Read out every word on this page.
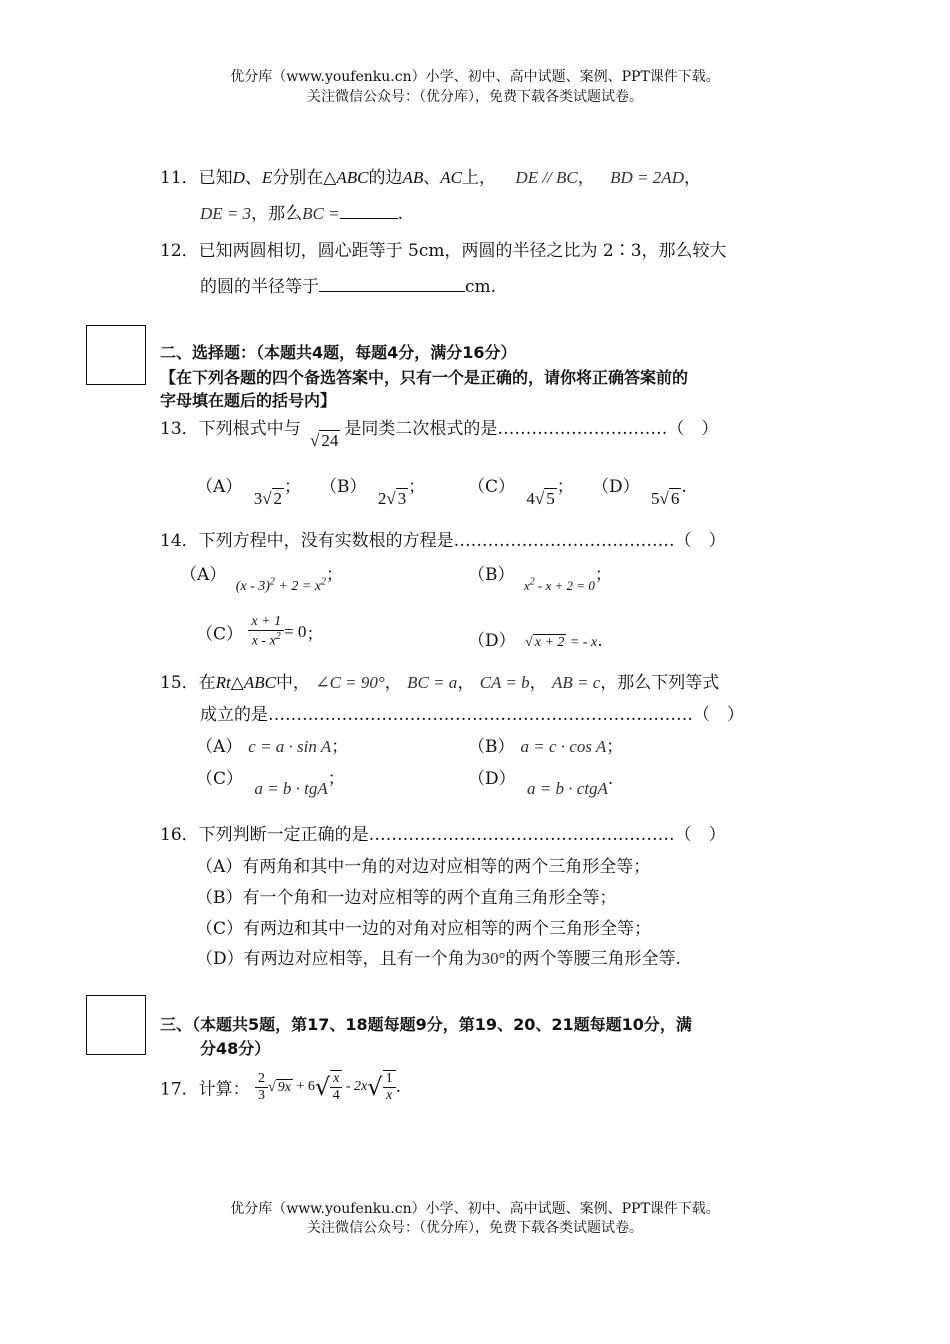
优分库（www.youfenku.cn）小学、初中、高中试题、案例、PPT课件下载。
关注微信公众号：（优分库），免费下载各类试题试卷。
11．已知D、E分别在△ABC的边AB、AC上， DE // BC， BD = 2AD，
DE = 3，那么BC =	.
12．已知两圆相切，圆心距等于 5cm，两圆的半径之比为 2∶3，那么较大
的圆的半径等于	cm.
二、选择题：（本题共4题，每题4分，满分16分）
【在下列各题的四个备选答案中，只有一个是正确的，请你将正确答案前的
字母填在题后的括号内】
13．下列根式中与 √ 24是同类二次根式的是…………………………（　）
（A） 3√ 2； （B） 2√ 3；	（C） 4√ 5； （D） 5√ 6.
14．下列方程中，没有实数根的方程是…………………………………（　）
（A） $_{(x - 3)^2 + 2 = x^2}$；	（B） $_{x^2 - x + 2 = 0}$；
$(C) \frac{x + 1}{x - x^2} = 0$；	（D） √ x + 2 = - x.
15．在Rt△ABC中， ∠C = 90°， BC = a， CA = b， AB = c，那么下列等式
成立的是…………………………………………………………………（　）
（A） c = a · sin A；	（B） a = c · cos A；
（C） a = b · tgA；	（D） a = b · ctgA.
16．下列判断一定正确的是………………………………………………（　）
（A）有两角和其中一角的对边对应相等的两个三角形全等；
（B）有一个角和一边对应相等的两个直角三角形全等；
（C）有两边和其中一边的对角对应相等的两个三角形全等；
（D）有两边对应相等，且有一个角为30°的两个等腰三角形全等.
三、（本题共5题，第17、18题每题9分，第19、20、21题每题10分，满
分48分）
17．计算： $\frac{2}{3}$ √ $9x + 6√ \frac{x}{4} - 2x√ \frac{1}{x}$ .
优分库（www.youfenku.cn）小学、初中、高中试题、案例、PPT课件下载。
关注微信公众号：（优分库），免费下载各类试题试卷。
